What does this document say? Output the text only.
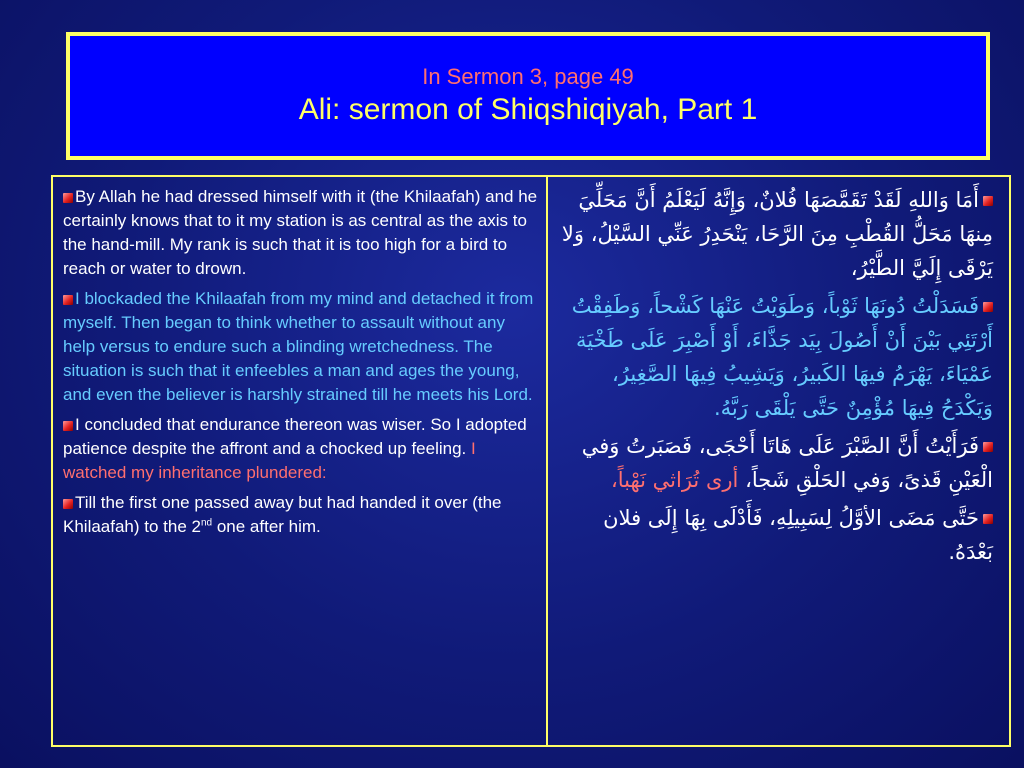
In Sermon 3, page 49
Ali: sermon of Shiqshiqiyah, Part 1

By Allah he had dressed himself with it (the Khilaafah) and he certainly knows that to it my station is as central as the axis to the hand-mill. My rank is such that it is too high for a bird to reach or water to drown.

I blockaded the Khilaafah from my mind and detached it from myself. Then began to think whether to assault without any help versus to endure such a blinding wretchedness. The situation is such that it enfeebles a man and ages the young, and even the believer is harshly strained till he meets his Lord.

I concluded that endurance thereon was wiser. So I adopted patience despite the affront and a chocked up feeling. I watched my inheritance plundered:

Till the first one passed away but had handed it over (the Khilaafah) to the 2nd one after him.

أَمَا وَاللهِ لَقَدْ تَقَمَّصَهَا فُلانٌ، وَإِنَّهُ لَيَعْلَمُ أَنَّ مَحَلِّيَ مِنهَا مَحَلُّ القُطْبِ مِنَ الرَّحَا، يَنْحَدِرُ عَنِّي السَّيْلُ، وَلا يَرْقَى إِلَيَّ الطَّيْرُ،

فَسَدَلْتُ دُونَهَا ثَوْباً، وَطَوَيْتُ عَنْهَا كَشْحاً، وَطَفِقْتُ أَرْتَئِي بَيْنَ أَنْ أَصُولَ بِيَد جَذَّاءَ، أَوْ أَصْبِرَ عَلَى طَخْيَة عَمْيَاءَ، يَهْرَمُ فيهَا الكَبيرُ، وَيَشِيبُ فِيهَا الصَّغِيرُ، وَيَكْدَحُ فِيهَا مُؤْمِنٌ حَتَّى يَلْقَى رَبَّهُ.

فَرَأَيْتُ أَنَّ الصَّبْرَ عَلَى هَاتَا أَحْجَى، فَصَبَرتُ وَفي الْعَيْنِ قَذىً، وَفي الحَلْقِ شَجاً، أرى تُرَاثي نَهْباً،

حَتَّى مَضَى الأوَّلُ لِسَبِيلِهِ، فَأَدْلَى بِهَا إِلَى فلان بَعْدَهُ.
